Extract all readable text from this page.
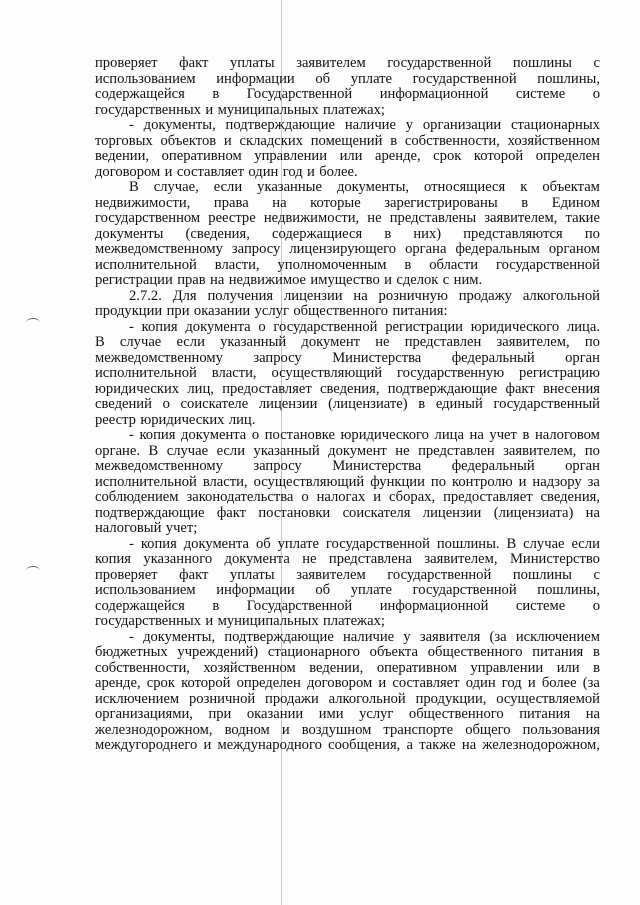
проверяет факт уплаты заявителем государственной пошлины с
использованием информации об уплате государственной пошлины,
содержащейся в Государственной информационной системе о
государственных и муниципальных платежах;
- документы, подтверждающие наличие у организации стационарных
торговых объектов и складских помещений в собственности, хозяйственном
ведении, оперативном управлении или аренде, срок которой определен
договором и составляет один год и более.
В случае, если указанные документы, относящиеся к объектам
недвижимости, права на которые зарегистрированы в Едином
государственном реестре недвижимости, не представлены заявителем, такие
документы (сведения, содержащиеся в них) представляются по
межведомственному запросу лицензирующего органа федеральным органом
исполнительной власти, уполномоченным в области государственной
регистрации прав на недвижимое имущество и сделок с ним.
2.7.2. Для получения лицензии на розничную продажу алкогольной
продукции при оказании услуг общественного питания:
- копия документа о государственной регистрации юридического лица.
В случае если указанный документ не представлен заявителем, по
межведомственному запросу Министерства федеральный орган
исполнительной власти, осуществляющий государственную регистрацию
юридических лиц, предоставляет сведения, подтверждающие факт внесения
сведений о соискателе лицензии (лицензиате) в единый государственный
реестр юридических лиц.
- копия документа о постановке юридического лица на учет в налоговом
органе. В случае если указанный документ не представлен заявителем, по
межведомственному запросу Министерства федеральный орган
исполнительной власти, осуществляющий функции по контролю и надзору за
соблюдением законодательства о налогах и сборах, предоставляет сведения,
подтверждающие факт постановки соискателя лицензии (лицензиата) на
налоговый учет;
- копия документа об уплате государственной пошлины. В случае если
копия указанного документа не представлена заявителем, Министерство
проверяет факт уплаты заявителем государственной пошлины с
использованием информации об уплате государственной пошлины,
содержащейся в Государственной информационной системе о
государственных и муниципальных платежах;
- документы, подтверждающие наличие у заявителя (за исключением
бюджетных учреждений) стационарного объекта общественного питания в
собственности, хозяйственном ведении, оперативном управлении или в
аренде, срок которой определен договором и составляет один год и более (за
исключением розничной продажи алкогольной продукции, осуществляемой
организациями, при оказании ими услуг общественного питания на
железнодорожном, водном и воздушном транспорте общего пользования
междугороднего и международного сообщения, а также на железнодорожном,
